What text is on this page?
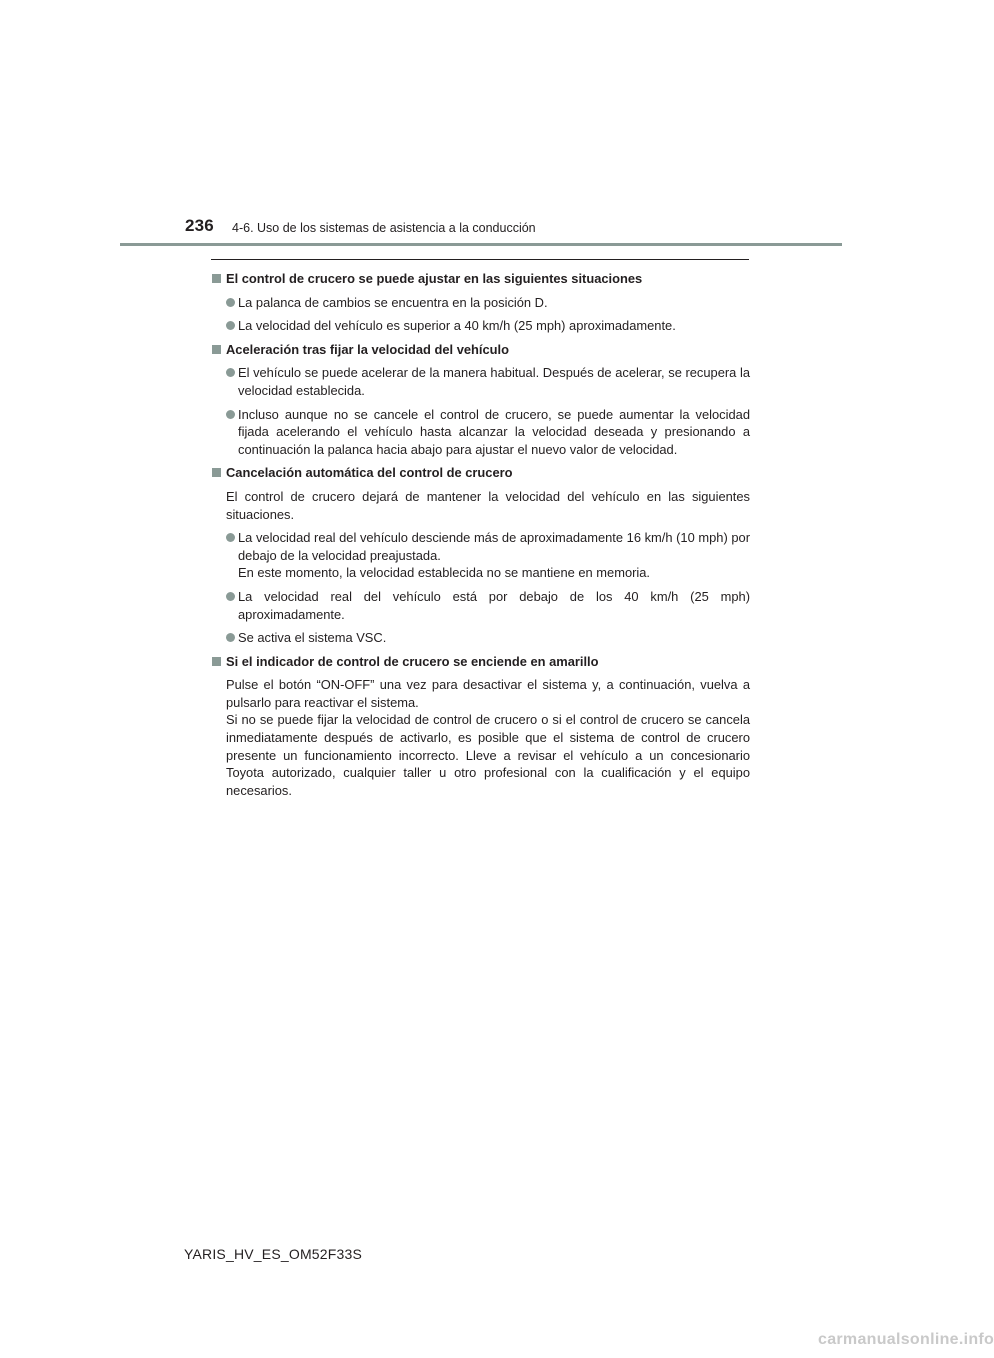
236 4-6. Uso de los sistemas de asistencia a la conducción
El control de crucero se puede ajustar en las siguientes situaciones
La palanca de cambios se encuentra en la posición D.
La velocidad del vehículo es superior a 40 km/h (25 mph) aproximadamente.
Aceleración tras fijar la velocidad del vehículo
El vehículo se puede acelerar de la manera habitual. Después de acelerar, se recupera la velocidad establecida.
Incluso aunque no se cancele el control de crucero, se puede aumentar la velocidad fijada acelerando el vehículo hasta alcanzar la velocidad deseada y presionando a continuación la palanca hacia abajo para ajustar el nuevo valor de velocidad.
Cancelación automática del control de crucero
El control de crucero dejará de mantener la velocidad del vehículo en las siguientes situaciones.
La velocidad real del vehículo desciende más de aproximadamente 16 km/h (10 mph) por debajo de la velocidad preajustada.
En este momento, la velocidad establecida no se mantiene en memoria.
La velocidad real del vehículo está por debajo de los 40 km/h (25 mph) aproximadamente.
Se activa el sistema VSC.
Si el indicador de control de crucero se enciende en amarillo
Pulse el botón “ON-OFF” una vez para desactivar el sistema y, a continuación, vuelva a pulsarlo para reactivar el sistema.
Si no se puede fijar la velocidad de control de crucero o si el control de crucero se cancela inmediatamente después de activarlo, es posible que el sistema de control de crucero presente un funcionamiento incorrecto. Lleve a revisar el vehículo a un concesionario Toyota autorizado, cualquier taller u otro profesional con la cualificación y el equipo necesarios.
YARIS_HV_ES_OM52F33S
carmanualsonline.info
